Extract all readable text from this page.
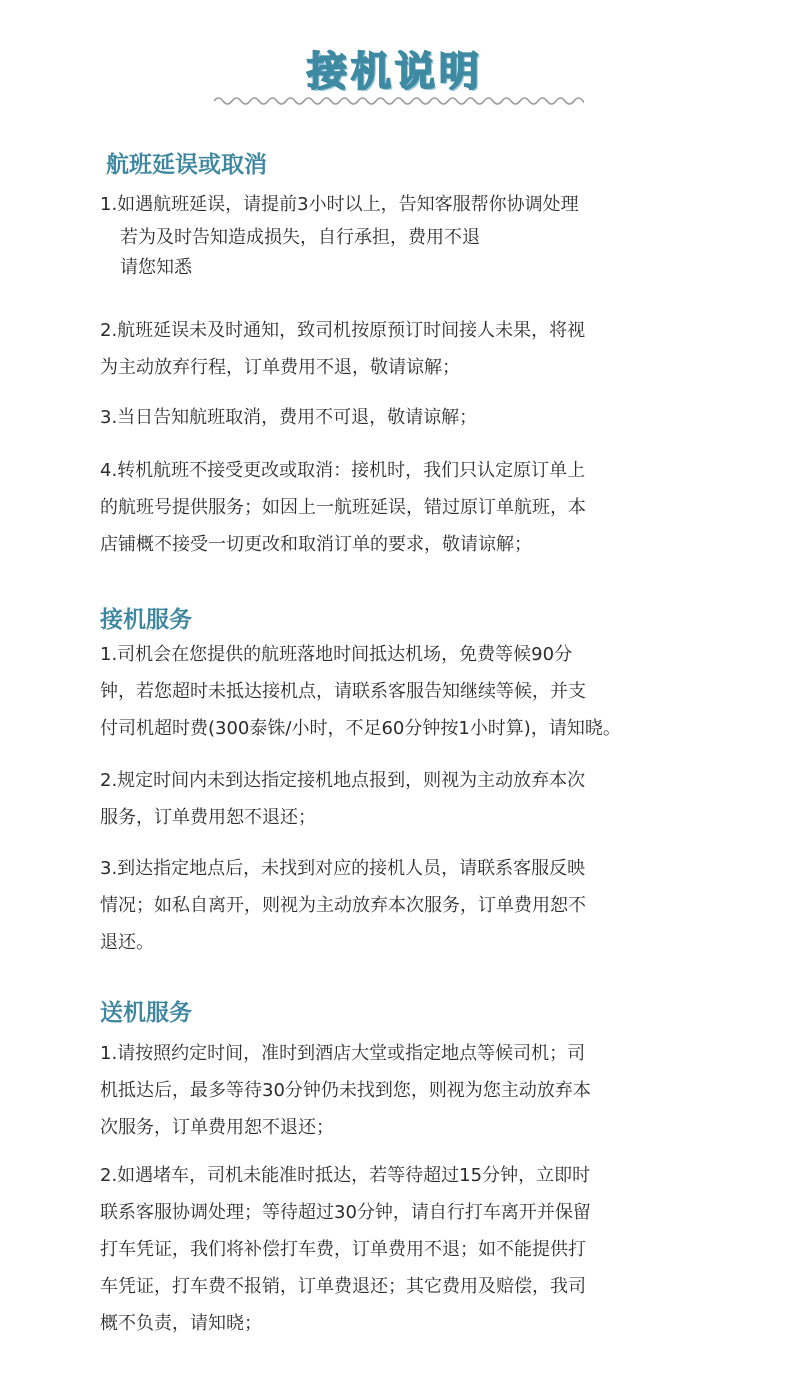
接机说明
航班延误或取消

1.如遇航班延误，请提前3小时以上，告知客服帮你协调处理
若为及时告知造成损失，自行承担，费用不退
请您知悉

2.航班延误未及时通知，致司机按原预订时间接人未果，将视
为主动放弃行程，订单费用不退，敬请谅解；

3.当日告知航班取消，费用不可退，敬请谅解；

4.转机航班不接受更改或取消：接机时，我们只认定原订单上
的航班号提供服务；如因上一航班延误，错过原订单航班，本
店铺概不接受一切更改和取消订单的要求，敬请谅解；

接机服务

1.司机会在您提供的航班落地时间抵达机场，免费等候90分
钟，若您超时未抵达接机点，请联系客服告知继续等候，并支
付司机超时费(300泰铢/小时，不足60分钟按1小时算)，请知晓。

2.规定时间内未到达指定接机地点报到，则视为主动放弃本次
服务，订单费用恕不退还；

3.到达指定地点后，未找到对应的接机人员，请联系客服反映
情况；如私自离开，则视为主动放弃本次服务，订单费用恕不
退还。

送机服务

1.请按照约定时间，准时到酒店大堂或指定地点等候司机；司
机抵达后，最多等待30分钟仍未找到您，则视为您主动放弃本
次服务，订单费用恕不退还；

2.如遇堵车，司机未能准时抵达，若等待超过15分钟，立即时
联系客服协调处理；等待超过30分钟，请自行打车离开并保留
打车凭证，我们将补偿打车费，订单费用不退；如不能提供打
车凭证，打车费不报销，订单费退还；其它费用及赔偿，我司
概不负责，请知晓；
